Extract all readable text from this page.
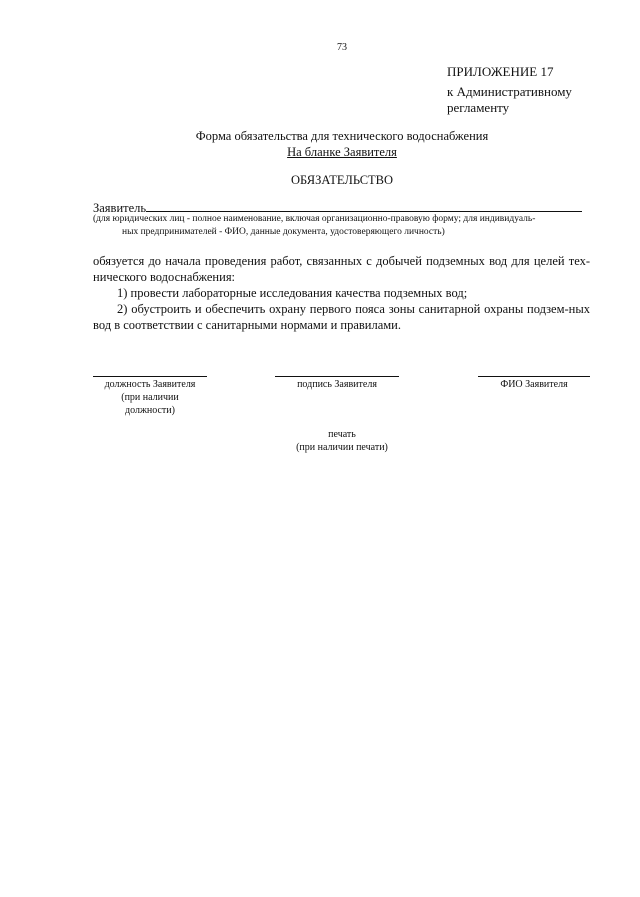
73
ПРИЛОЖЕНИЕ 17
к Административному
регламенту
Форма обязательства для технического водоснабжения
На бланке Заявителя
ОБЯЗАТЕЛЬСТВО
Заявитель
(для юридических лиц - полное наименование, включая организационно-правовую форму; для индивидуаль-
ных предпринимателей - ФИО, данные документа, удостоверяющего личность)

обязуется до начала проведения работ, связанных с добычей подземных вод для целей тех-нического водоснабжения:

1) провести лабораторные исследования качества подземных вод;

2) обустроить и обеспечить охрану первого пояса зоны санитарной охраны подзем-ных вод в соответствии с санитарными нормами и правилами.

должность Заявителя
(при наличии
должности)
подпись Заявителя	ФИО Заявителя
печать
(при наличии печати)
